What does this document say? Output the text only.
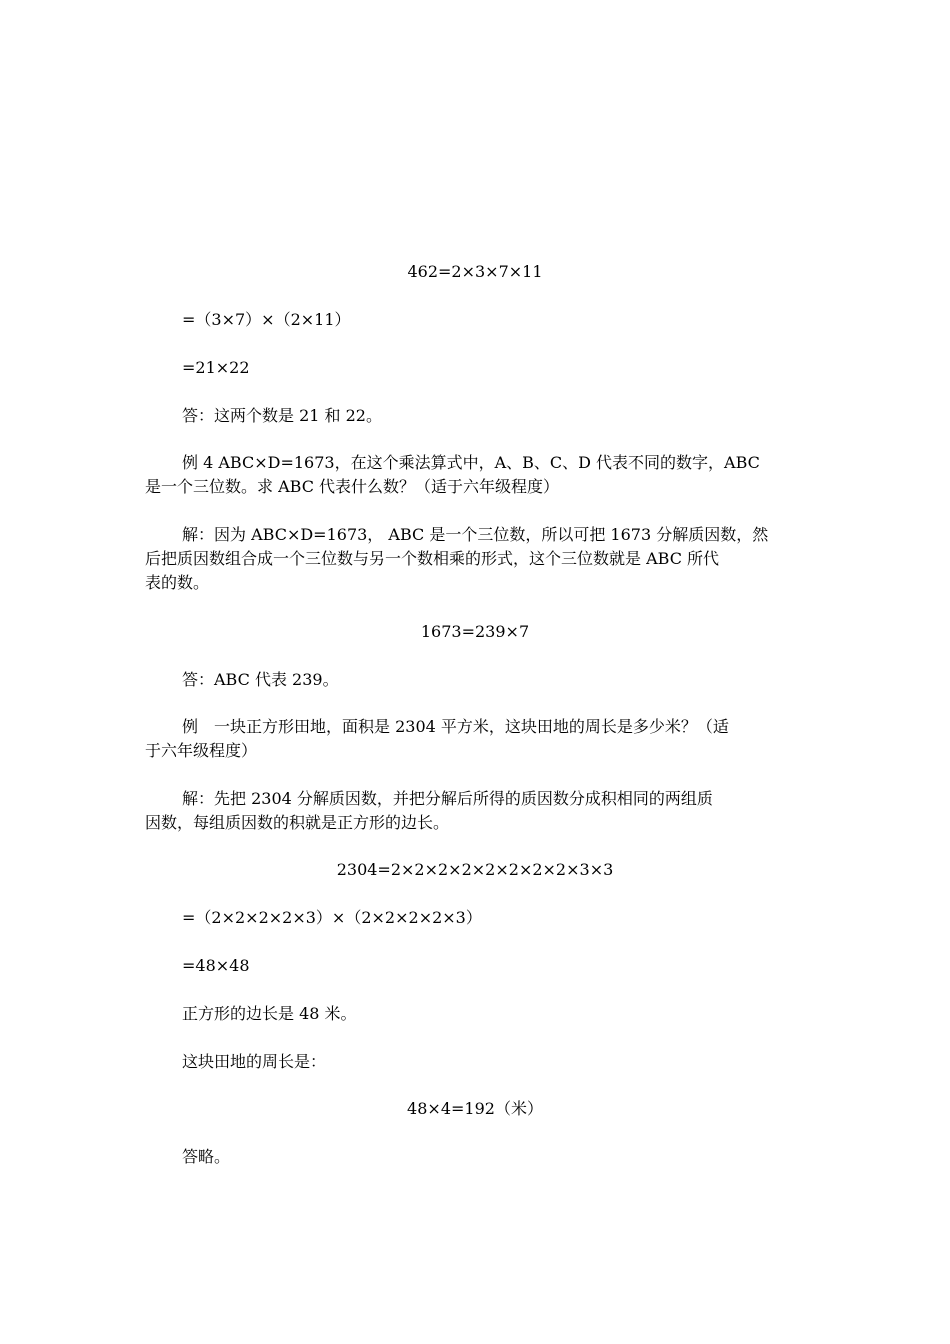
462=2×3×7×11
=（3×7）×（2×11）
=21×22
答：这两个数是 21 和 22。
例 4 ABC×D=1673，在这个乘法算式中，A、B、C、D 代表不同的数字，ABC
是一个三位数。求 ABC 代表什么数？（适于六年级程度）
解：因为 ABC×D=1673， ABC 是一个三位数，所以可把 1673 分解质因数，然
后把质因数组合成一个三位数与另一个数相乘的形式，这个三位数就是 ABC 所代
表的数。
1673=239×7
答：ABC 代表 239。
例　一块正方形田地，面积是 2304 平方米，这块田地的周长是多少米？（适
于六年级程度）
解：先把 2304 分解质因数，并把分解后所得的质因数分成积相同的两组质
因数，每组质因数的积就是正方形的边长。
2304=2×2×2×2×2×2×2×2×3×3
=（2×2×2×2×3）×（2×2×2×2×3）
=48×48
正方形的边长是 48 米。
这块田地的周长是：
48×4=192（米）
答略。
